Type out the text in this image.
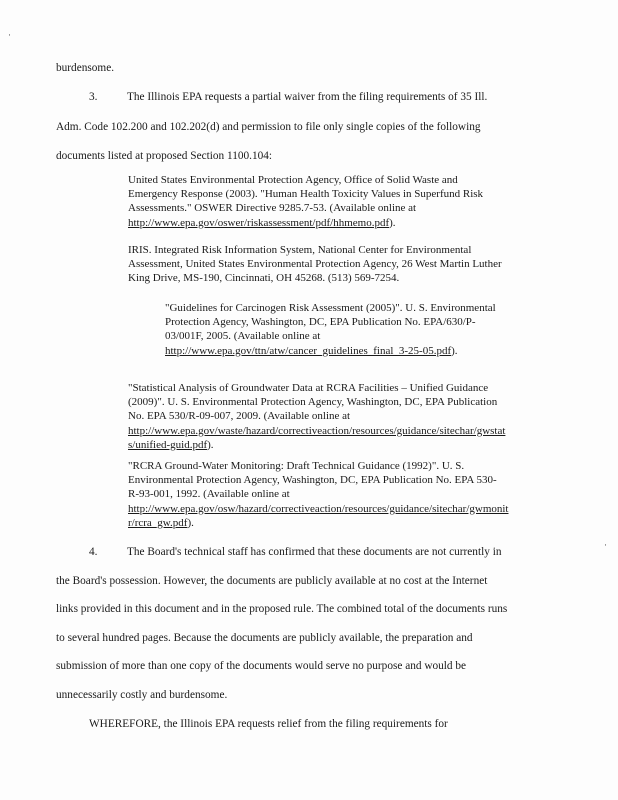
burdensome.
3.	The Illinois EPA requests a partial waiver from the filing requirements of 35 Ill.
Adm. Code 102.200 and 102.202(d) and permission to file only single copies of the following
documents listed at proposed Section 1100.104:
United States Environmental Protection Agency, Office of Solid Waste and
Emergency Response (2003). "Human Health Toxicity Values in Superfund Risk
Assessments." OSWER Directive 9285.7-53. (Available online at
http://www.epa.gov/oswer/riskassessment/pdf/hhmemo.pdf).
IRIS. Integrated Risk Information System, National Center for Environmental
Assessment, United States Environmental Protection Agency, 26 West Martin Luther
King Drive, MS-190, Cincinnati, OH 45268. (513) 569-7254.
"Guidelines for Carcinogen Risk Assessment (2005)". U. S. Environmental
Protection Agency, Washington, DC, EPA Publication No. EPA/630/P-
03/001F, 2005. (Available online at
http://www.epa.gov/ttn/atw/cancer_guidelines_final_3-25-05.pdf).
"Statistical Analysis of Groundwater Data at RCRA Facilities – Unified Guidance
(2009)". U. S. Environmental Protection Agency, Washington, DC, EPA Publication
No. EPA 530/R-09-007, 2009. (Available online at
http://www.epa.gov/waste/hazard/correctiveaction/resources/guidance/sitechar/gwstat
s/unified-guid.pdf).
"RCRA Ground-Water Monitoring: Draft Technical Guidance (1992)". U. S.
Environmental Protection Agency, Washington, DC, EPA Publication No. EPA 530-
R-93-001, 1992. (Available online at
http://www.epa.gov/osw/hazard/correctiveaction/resources/guidance/sitechar/gwmonit
r/rcra_gw.pdf).
4.	The Board's technical staff has confirmed that these documents are not currently in
the Board's possession. However, the documents are publicly available at no cost at the Internet
links provided in this document and in the proposed rule. The combined total of the documents runs
to several hundred pages. Because the documents are publicly available, the preparation and
submission of more than one copy of the documents would serve no purpose and would be
unnecessarily costly and burdensome.
WHEREFORE, the Illinois EPA requests relief from the filing requirements for
·
·
